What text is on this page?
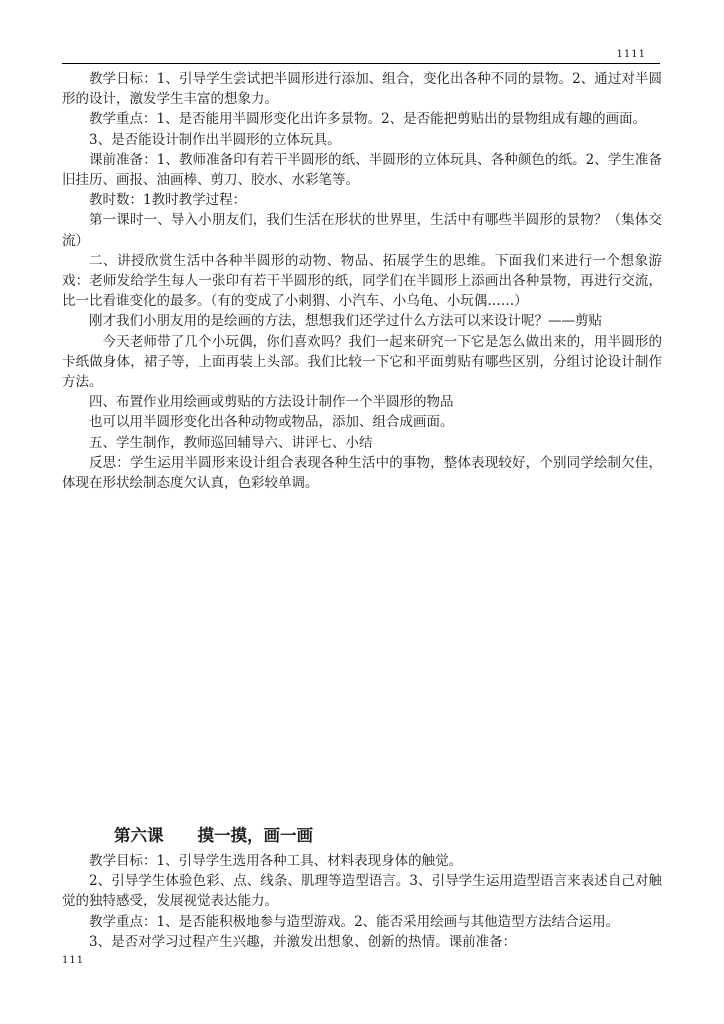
1111

教学日标：1、引导学生尝试把半圆形进行添加、组合，变化出各种不同的景物。2、通过对半圆形的设计，激发学生丰富的想象力。

教学重点：1、是否能用半圆形变化出许多景物。2、是否能把剪贴出的景物组成有趣的画面。

3、是否能设计制作出半圆形的立体玩具。

课前准备：1、教师准备印有若干半圆形的纸、半圆形的立体玩具、各种颜色的纸。2、学生准备旧挂历、画报、油画棒、剪刀、胶水、水彩笔等。

教时数：1教时教学过程：

第一课时一、导入小朋友们，我们生活在形状的世界里，生活中有哪些半圆形的景物？（集体交流）

二、讲授欣赏生活中各种半圆形的动物、物品、拓展学生的思维。下面我们来进行一个想象游戏：老师发给学生每人一张印有若干半圆形的纸，同学们在半圆形上添画出各种景物，再进行交流，比一比看谁变化的最多。（有的变成了小刺猬、小汽车、小乌龟、小玩偶……）

刚才我们小朋友用的是绘画的方法，想想我们还学过什么方法可以来设计呢？——剪贴

今天老师带了几个小玩偶，你们喜欢吗？我们一起来研究一下它是怎么做出来的，用半圆形的卡纸做身体，裙子等，上面再装上头部。我们比较一下它和平面剪贴有哪些区别，分组讨论设计制作方法。

四、布置作业用绘画或剪贴的方法设计制作一个半圆形的物品

也可以用半圆形变化出各种动物或物品，添加、组合成画面。

五、学生制作，教师巡回辅导六、讲评七、小结

反思：学生运用半圆形来设计组合表现各种生活中的事物，整体表现较好，个别同学绘制欠佳，体现在形状绘制态度欠认真，色彩较单调。

第六课 摸一摸，画一画

教学目标：1、引导学生选用各种工具、材料表现身体的触觉。

2、引导学生体验色彩、点、线条、肌理等造型语言。3、引导学生运用造型语言来表述自己对触觉的独特感受，发展视觉表达能力。

教学重点：1、是否能积极地参与造型游戏。2、能否采用绘画与其他造型方法结合运用。

3、是否对学习过程产生兴趣，并激发出想象、创新的热情。课前准备：

111
